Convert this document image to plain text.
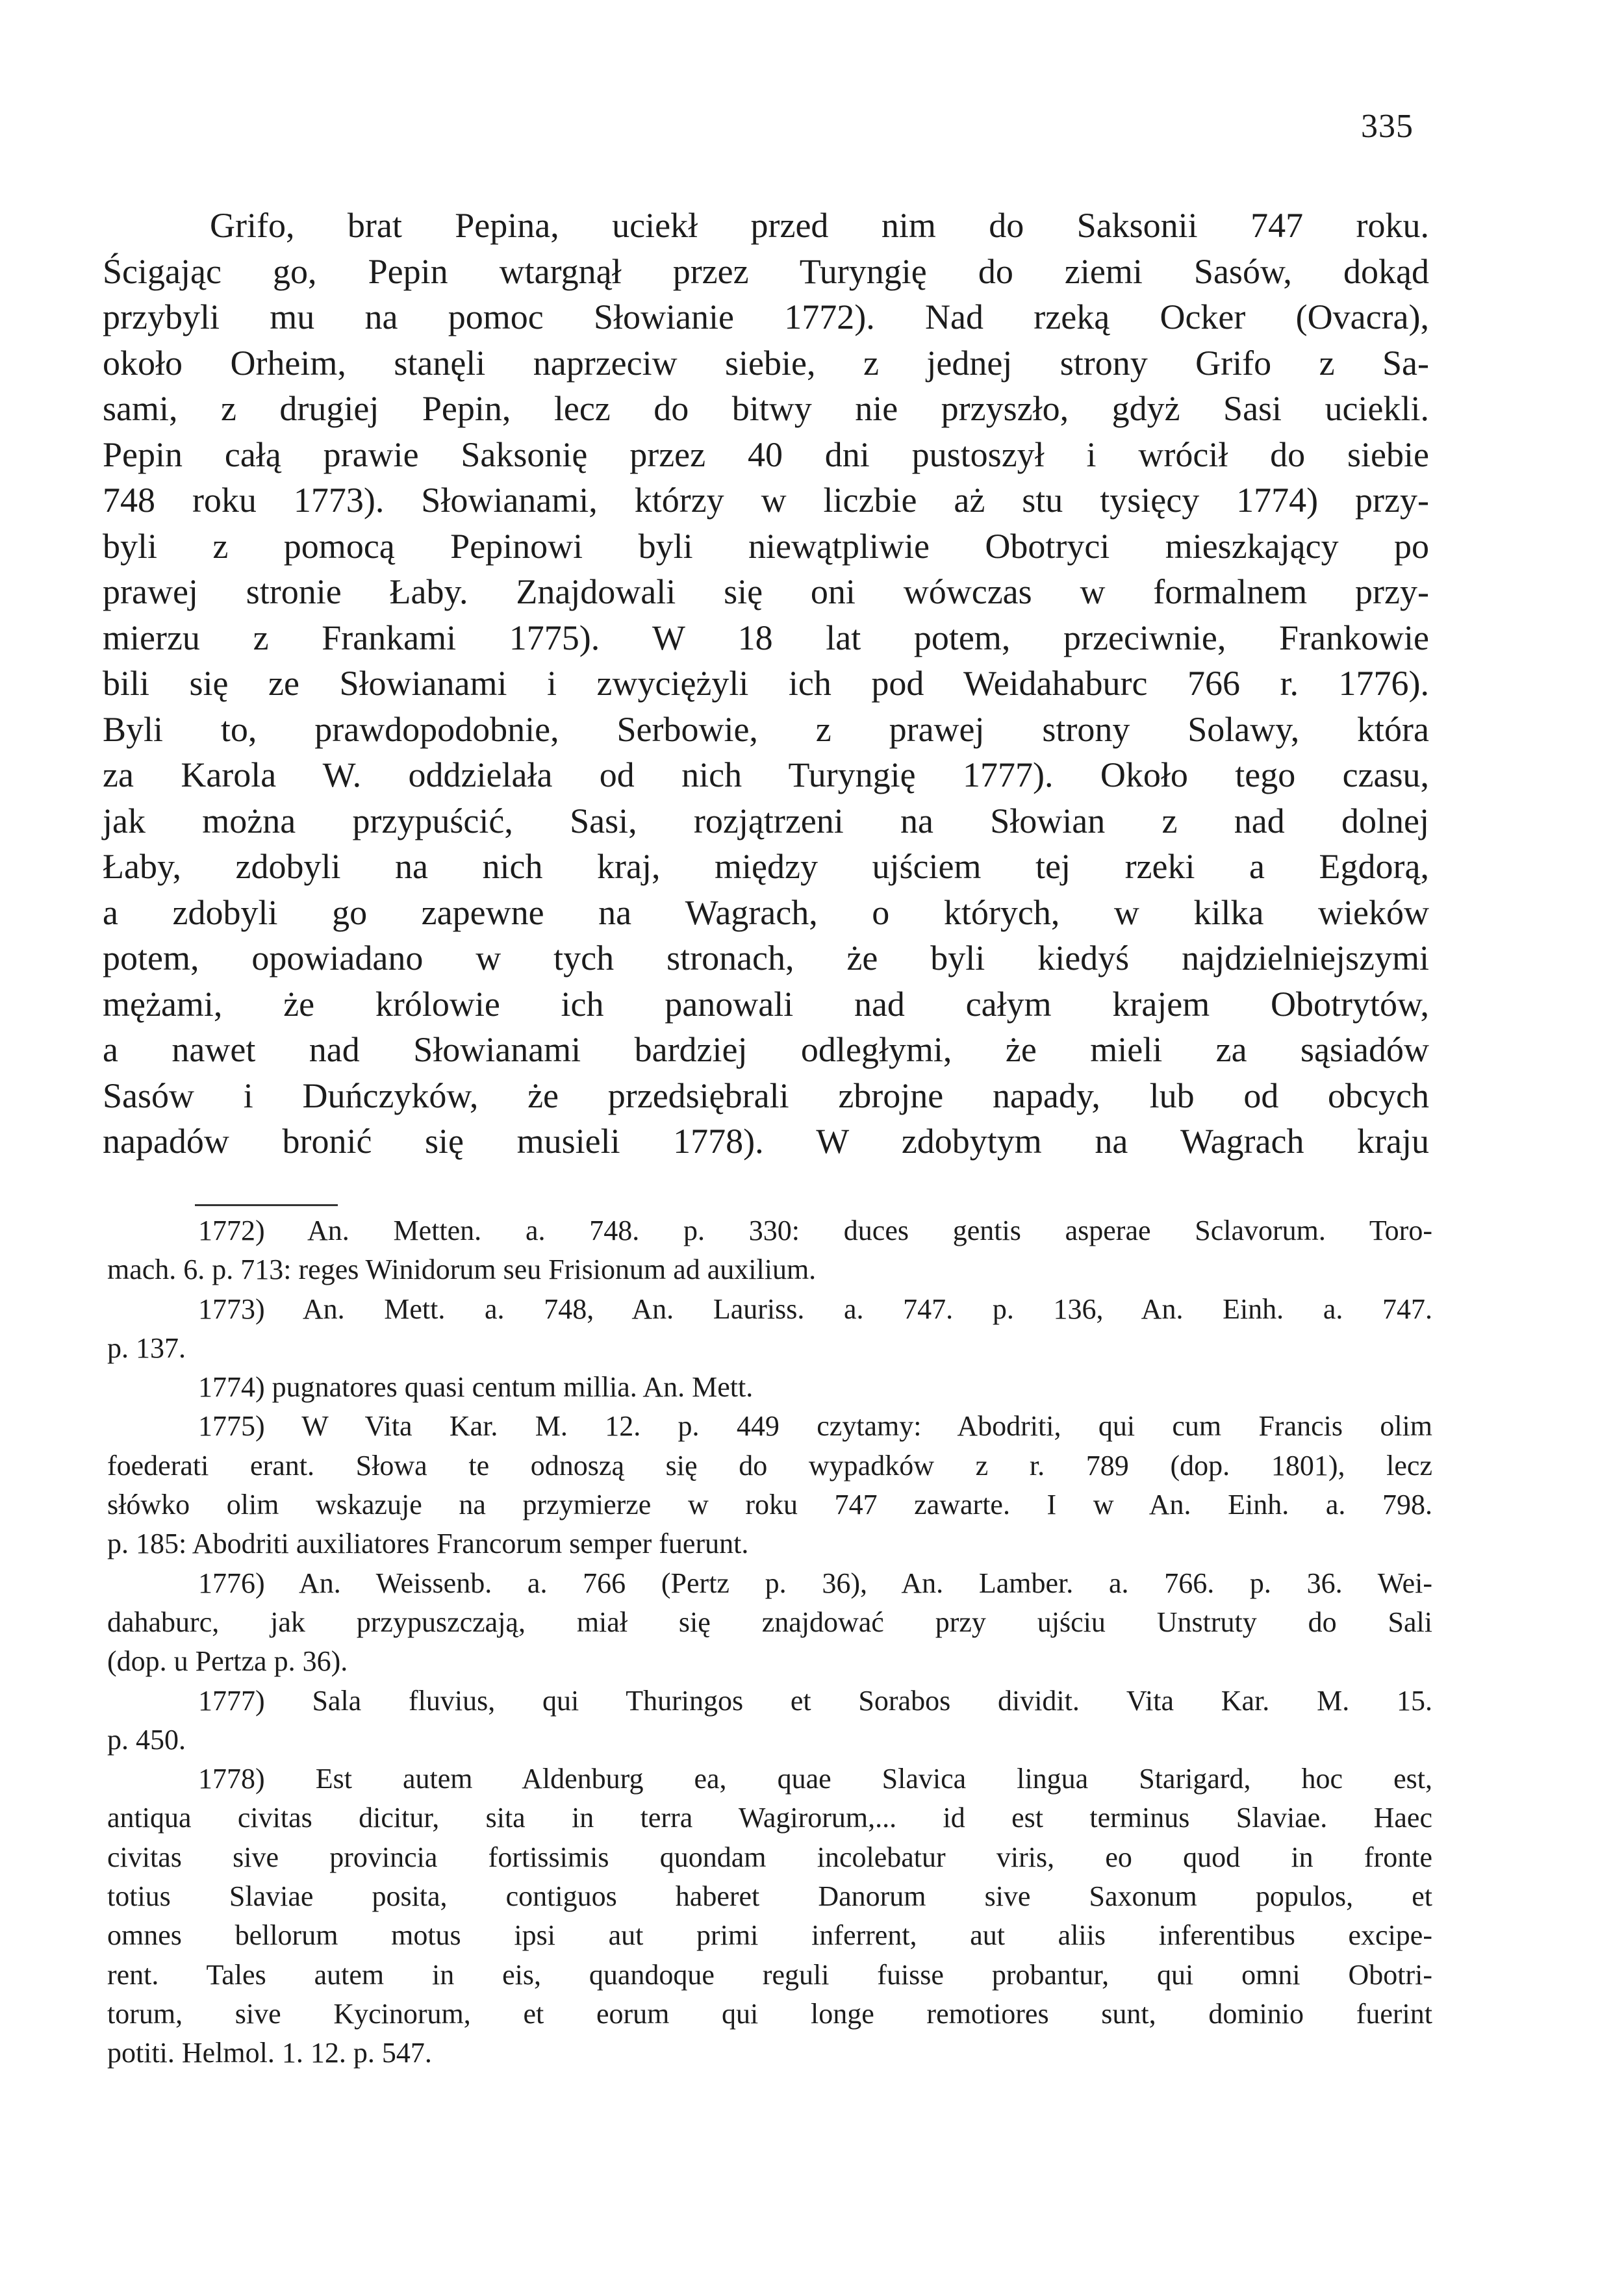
335
Grifo, brat Pepina, uciekł przed nim do Saksonii 747 roku.
Ścigając go, Pepin wtargnął przez Turyngię do ziemi Sasów, dokąd
przybyli mu na pomoc Słowianie 1772). Nad rzeką Ocker (Ovacra),
około Orheim, stanęli naprzeciw siebie, z jednej strony Grifo z Sa-
sami, z drugiej Pepin, lecz do bitwy nie przyszło, gdyż Sasi uciekli.
Pepin całą prawie Saksonię przez 40 dni pustoszył i wrócił do siebie
748 roku 1773). Słowianami, którzy w liczbie aż stu tysięcy 1774) przy-
byli z pomocą Pepinowi byli niewątpliwie Obotryci mieszkający po
prawej stronie Łaby. Znajdowali się oni wówczas w formalnem przy-
mierzu z Frankami 1775). W 18 lat potem, przeciwnie, Frankowie
bili się ze Słowianami i zwyciężyli ich pod Weidahaburc 766 r. 1776).
Byli to, prawdopodobnie, Serbowie, z prawej strony Solawy, która
za Karola W. oddzielała od nich Turyngię 1777). Około tego czasu,
jak można przypuścić, Sasi, rozjątrzeni na Słowian z nad dolnej
Łaby, zdobyli na nich kraj, między ujściem tej rzeki a Egdorą,
a zdobyli go zapewne na Wagrach, o których, w kilka wieków
potem, opowiadano w tych stronach, że byli kiedyś najdzielniejszymi
mężami, że królowie ich panowali nad całym krajem Obotrytów,
a nawet nad Słowianami bardziej odległymi, że mieli za sąsiadów
Sasów i Duńczyków, że przedsiębrali zbrojne napady, lub od obcych
napadów bronić się musieli 1778). W zdobytym na Wagrach kraju
1772) An. Metten. a. 748. p. 330: duces gentis asperae Sclavorum. Toro-
mach. 6. p. 713: reges Winidorum seu Frisionum ad auxilium.
1773) An. Mett. a. 748, An. Lauriss. a. 747. p. 136, An. Einh. a. 747.
p. 137.
1774) pugnatores quasi centum millia. An. Mett.
1775) W Vita Kar. M. 12. p. 449 czytamy: Abodriti, qui cum Francis olim
foederati erant. Słowa te odnoszą się do wypadków z r. 789 (dop. 1801), lecz
słówko olim wskazuje na przymierze w roku 747 zawarte. I w An. Einh. a. 798.
p. 185: Abodriti auxiliatores Francorum semper fuerunt.
1776) An. Weissenb. a. 766 (Pertz p. 36), An. Lamber. a. 766. p. 36. Wei-
dahaburc, jak przypuszczają, miał się znajdować przy ujściu Unstruty do Sali
(dop. u Pertza p. 36).
1777) Sala fluvius, qui Thuringos et Sorabos dividit. Vita Kar. M. 15.
p. 450.
1778) Est autem Aldenburg ea, quae Slavica lingua Starigard, hoc est,
antiqua civitas dicitur, sita in terra Wagirorum,... id est terminus Slaviae. Haec
civitas sive provincia fortissimis quondam incolebatur viris, eo quod in fronte
totius Slaviae posita, contiguos haberet Danorum sive Saxonum populos, et
omnes bellorum motus ipsi aut primi inferrent, aut aliis inferentibus excipe-
rent. Tales autem in eis, quandoque reguli fuisse probantur, qui omni Obotri-
torum, sive Kycinorum, et eorum qui longe remotiores sunt, dominio fuerint
potiti. Helmol. 1. 12. p. 547.
